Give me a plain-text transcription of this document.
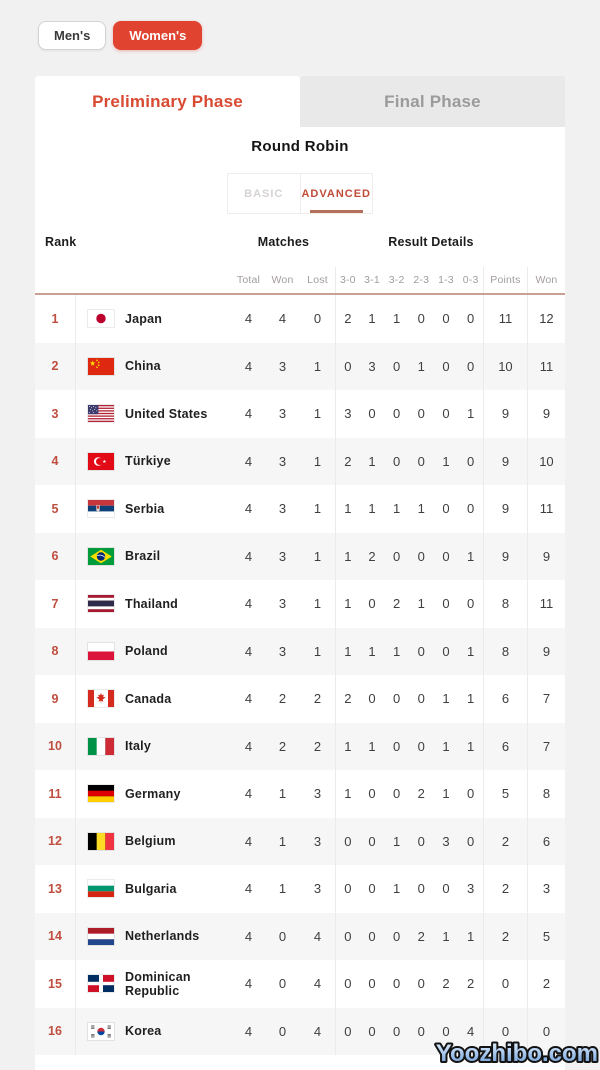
Men's	Women's
Preliminary Phase	Final Phase
Round Robin
BASIC	ADVANCED
Rank	Matches	Result Details
Total	Won	Lost	3-0 3-1 3-2 2-3 1-3 0-3	Points	Won
1	Japan	4	4	0	2	1	1	0	0	0	11	12
2	China	4	3	1	0	3	0	1	0	0	10	11
3	United States	4	3	1	3	0	0	0	0	1	9	9
4	Türkiye	4	3	1	2	1	0	0	1	0	9	10
5	Serbia	4	3	1	1	1	1	1	0	0	9	11
6	Brazil	4	3	1	1	2	0	0	0	1	9	9
7	Thailand	4	3	1	1	0	2	1	0	0	8	11
8	Poland	4	3	1	1	1	1	0	0	1	8	9
9	Canada	4	2	2	2	0	0	0	1	1	6	7
10	Italy	4	2	2	1	1	0	0	1	1	6	7
11	Germany	4	1	3	1	0	0	2	1	0	5	8
12	Belgium	4	1	3	0	0	1	0	3	0	2	6
13	Bulgaria	4	1	3	0	0	1	0	0	3	2	3
14	Netherlands	4	0	4	0	0	0	2	1	1	2	5
15	Dominican Republic	4	0	4	0	0	0	0	2	2	0	2
16	Korea	4	0	4	0	0	0	0	0	4	0	0
Yoozhibo.com
